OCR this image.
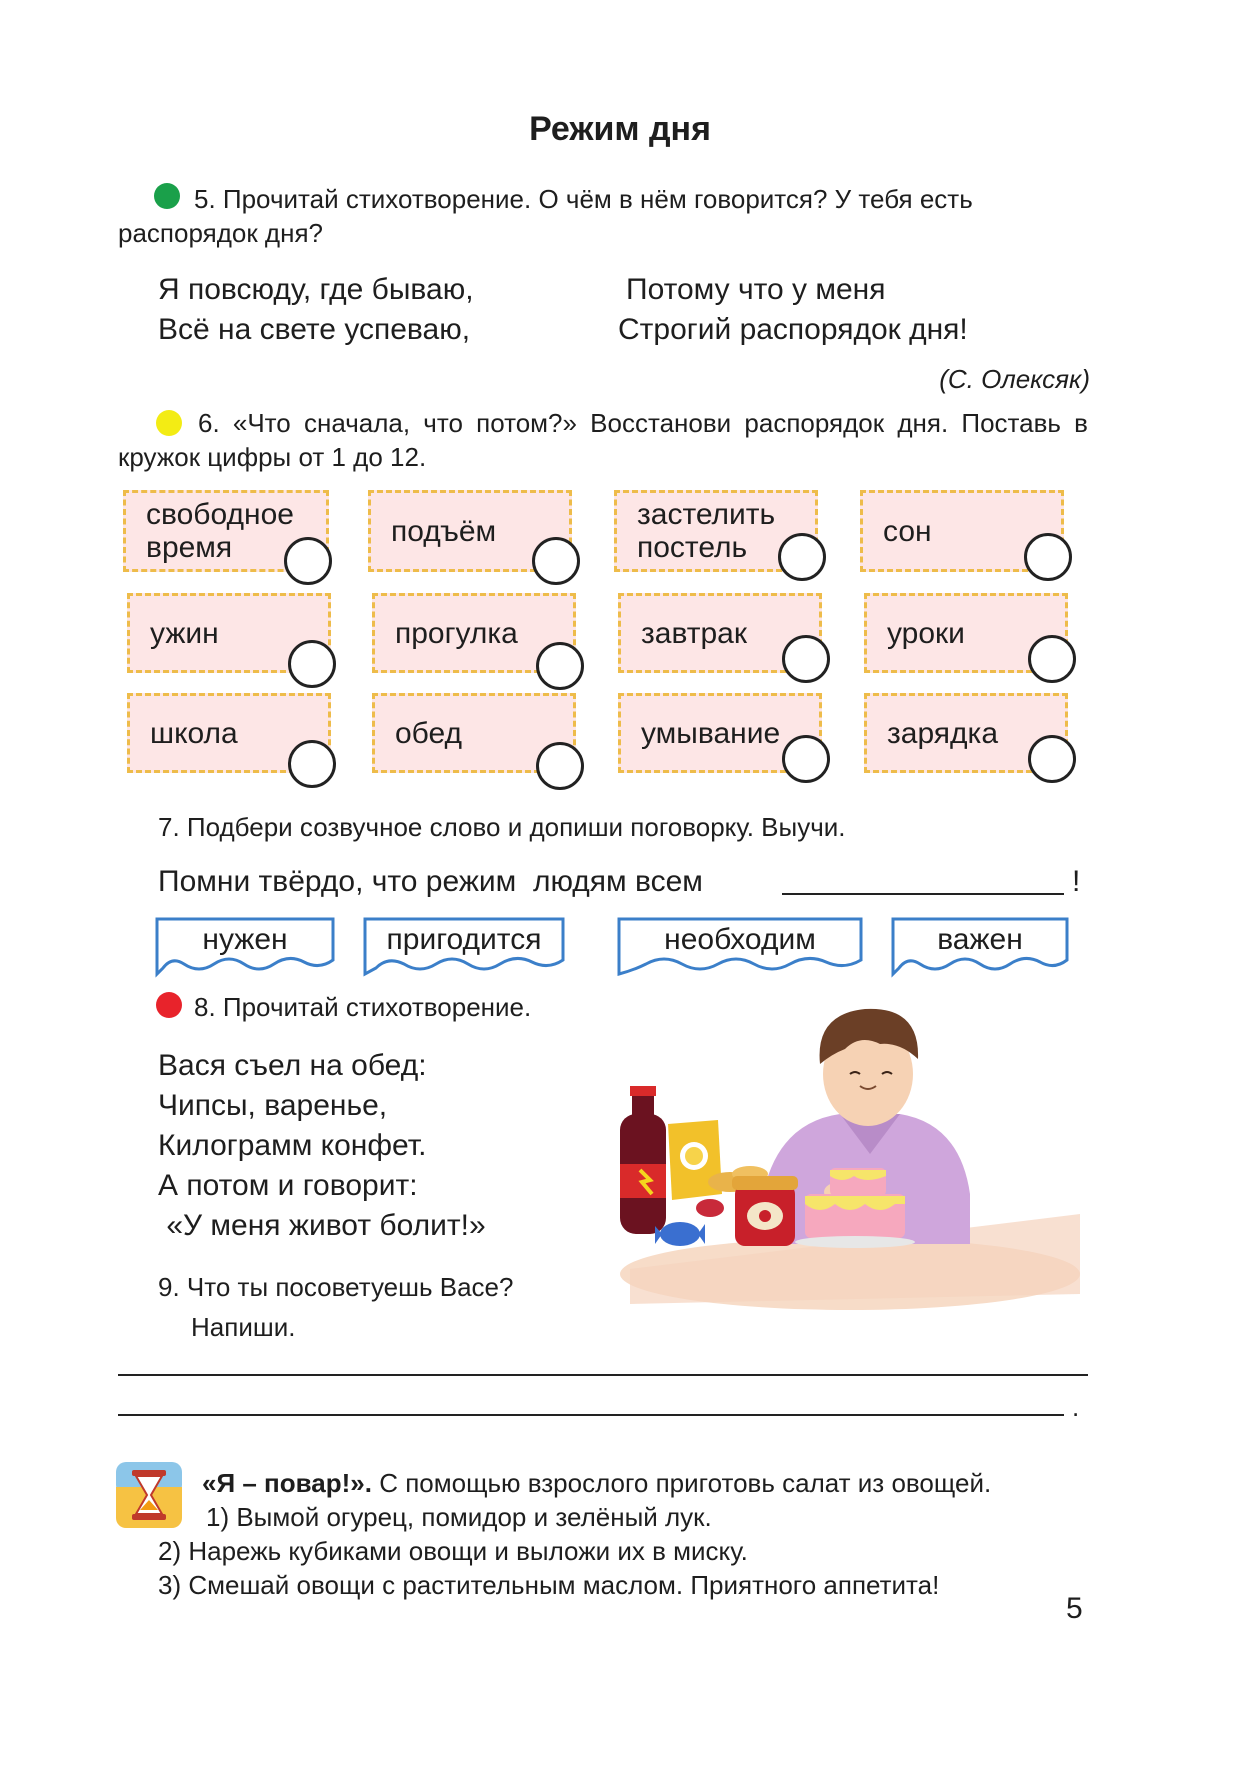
Режим дня
5. Прочитай стихотворение. О чём в нём говорится? У тебя есть
распорядок дня?
Я повсюду, где бываю,
Всё на свете успеваю,
Потому что у меня
Строгий распорядок дня!
(С. Олексяк)
6. «Что сначала, что потом?» Восстанови распорядок дня. Поставь в кружок цифры от 1 до 12.
свободное время	подъём	застелить постель	сон
ужин	прогулка	завтрак	уроки
школа	обед	умывание	зарядка
7. Подбери созвучное слово и допиши поговорку. Выучи.
Помни твёрдо, что режим  людям всем	!
нужен	пригодится	необходим	важен
8. Прочитай стихотворение.
Вася съел на обед:
Чипсы, варенье,
Килограмм конфет.
А потом и говорит:
«У меня живот болит!»
9. Что ты посоветуешь Васе?
Напиши.
.
«Я – повар!». С помощью взрослого приготовь салат из овощей.
1) Вымой огурец, помидор и зелёный лук.
2) Нарежь кубиками овощи и выложи их в миску.
3) Смешай овощи с растительным маслом. Приятного аппетита!
5
